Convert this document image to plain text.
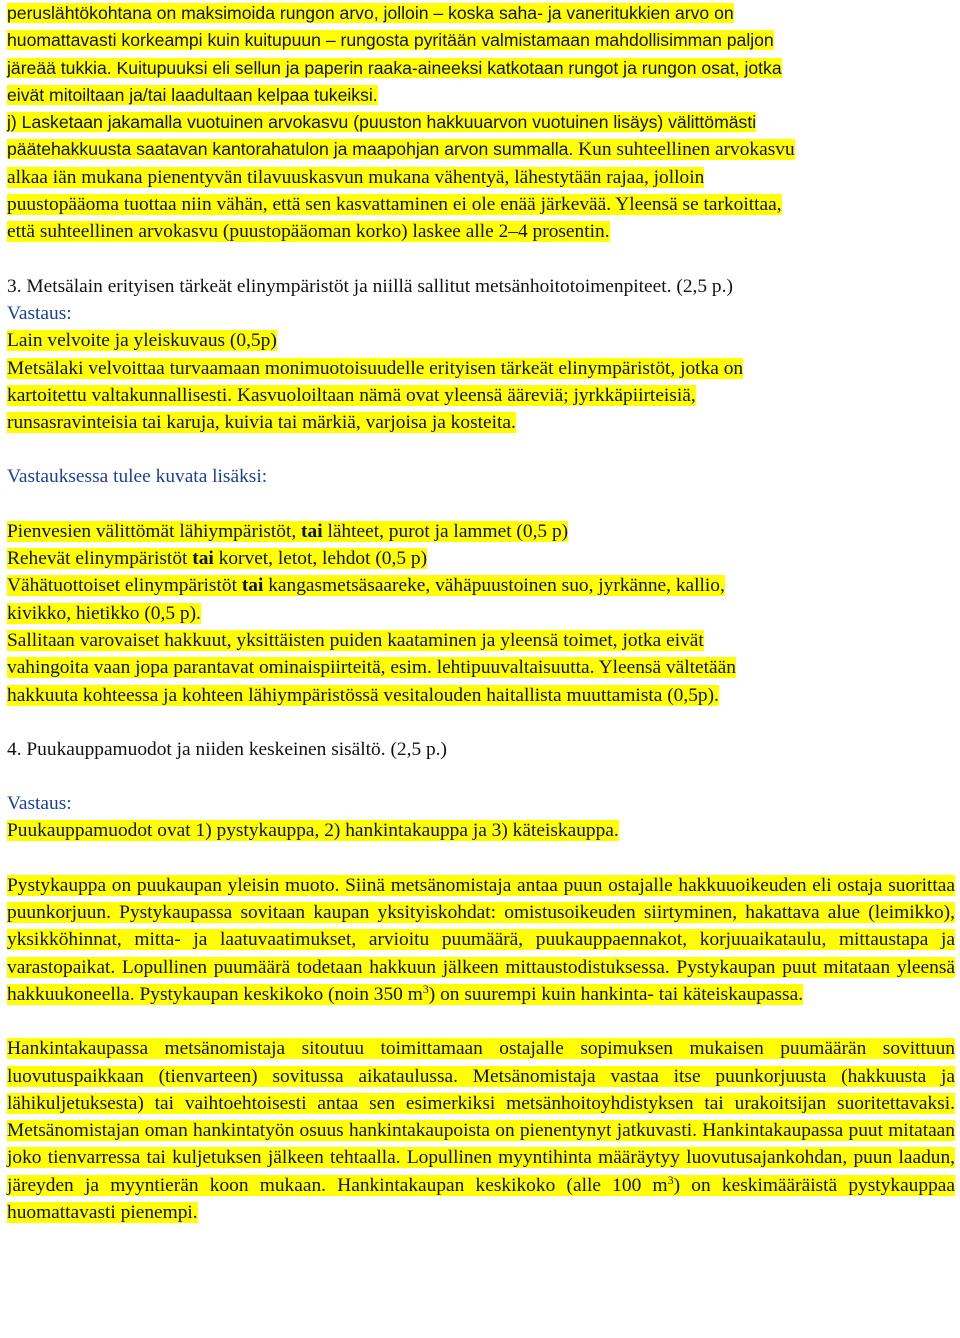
peruslähtökohtana on maksimoida rungon arvo, jolloin – koska saha- ja vaneritukkien arvo on
huomattavasti korkeampi kuin kuitupuun – rungosta pyritään valmistamaan mahdollisimman paljon
järeää tukkia. Kuitupuuksi eli sellun ja paperin raaka-aineeksi katkotaan rungot ja rungon osat, jotka
eivät mitoiltaan ja/tai laadultaan kelpaa tukeiksi.

j) Lasketaan jakamalla vuotuinen arvokasvu (puuston hakkuuarvon vuotuinen lisäys) välittömästi
päätehakkuusta saatavan kantorahatulon ja maapohjan arvon summalla. Kun suhteellinen arvokasvu
alkaa iän mukana pienentyvän tilavuuskasvun mukana vähentyä, lähestytään rajaa, jolloin
puustopääoma tuottaa niin vähän, että sen kasvattaminen ei ole enää järkevää. Yleensä se tarkoittaa,
että suhteellinen arvokasvu (puustopääoman korko) laskee alle 2–4 prosentin.

3. Metsälain erityisen tärkeät elinympäristöt ja niillä sallitut metsänhoitotoimenpiteet. (2,5 p.)

Vastaus:

Lain velvoite ja yleiskuvaus (0,5p)

Metsälaki velvoittaa turvaamaan monimuotoisuudelle erityisen tärkeät elinympäristöt, jotka on
kartoitettu valtakunnallisesti. Kasvuoloiltaan nämä ovat yleensä ääreviä; jyrkkäpiirteisiä,
runsasravinteisia tai karuja, kuivia tai märkiä, varjoisa ja kosteita.

Vastauksessa tulee kuvata lisäksi:

Pienvesien välittömät lähiympäristöt, tai lähteet, purot ja lammet (0,5 p)
Rehevät elinympäristöt tai korvet, letot, lehdot (0,5 p)
Vähätuottoiset elinympäristöt tai kangasmetsäsaareke, vähäpuustoinen suo, jyrkänne, kallio,
kivikko, hietikko (0,5 p).
Sallitaan varovaiset hakkuut, yksittäisten puiden kaataminen ja yleensä toimet, jotka eivät
vahingoita vaan jopa parantavat ominaispiirteitä, esim. lehtipuuvaltaisuutta. Yleensä vältetään
hakkuuta kohteessa ja kohteen lähiympäristössä vesitalouden haitallista muuttamista (0,5p).

4. Puukauppamuodot ja niiden keskeinen sisältö. (2,5 p.)

Vastaus:

Puukauppamuodot ovat 1) pystykauppa, 2) hankintakauppa ja 3) käteiskauppa.

Pystykauppa on puukaupan yleisin muoto. Siinä metsänomistaja antaa puun ostajalle hakkuuoikeuden eli ostaja suorittaa puunkorjuun. Pystykaupassa sovitaan kaupan yksityiskohdat: omistusoikeuden siirtyminen, hakattava alue (leimikko), yksikköhinnat, mitta- ja laatuvaatimukset, arvioitu puumäärä, puukauppaennakot, korjuuaikataulu, mittaustapa ja varastopaikat. Lopullinen puumäärä todetaan hakkuun jälkeen mittaustodistuksessa. Pystykaupan puut mitataan yleensä hakkuukoneella. Pystykaupan keskikoko (noin 350 $m^3$) on suurempi kuin hankinta- tai käteiskaupassa.

Hankintakaupassa metsänomistaja sitoutuu toimittamaan ostajalle sopimuksen mukaisen puumäärän sovittuun luovutuspaikkaan (tienvarteen) sovitussa aikataulussa. Metsänomistaja vastaa itse puunkorjuusta (hakkuusta ja lähikuljetuksesta) tai vaihtoehtoisesti antaa sen esimerkiksi metsänhoitoyhdistyksen tai urakoitsijan suoritettavaksi. Metsänomistajan oman hankintatyön osuus hankintakaupoista on pienentynyt jatkuvasti. Hankintakaupassa puut mitataan joko tienvarressa tai kuljetuksen jälkeen tehtaalla. Lopullinen myyntihinta määräytyy luovutusajankohdan, puun laadun, järeyden ja myyntierän koon mukaan. Hankintakaupan keskikoko (alle 100 $m^3$) on keskimääräistä pystykauppaa huomattavasti pienempi.
